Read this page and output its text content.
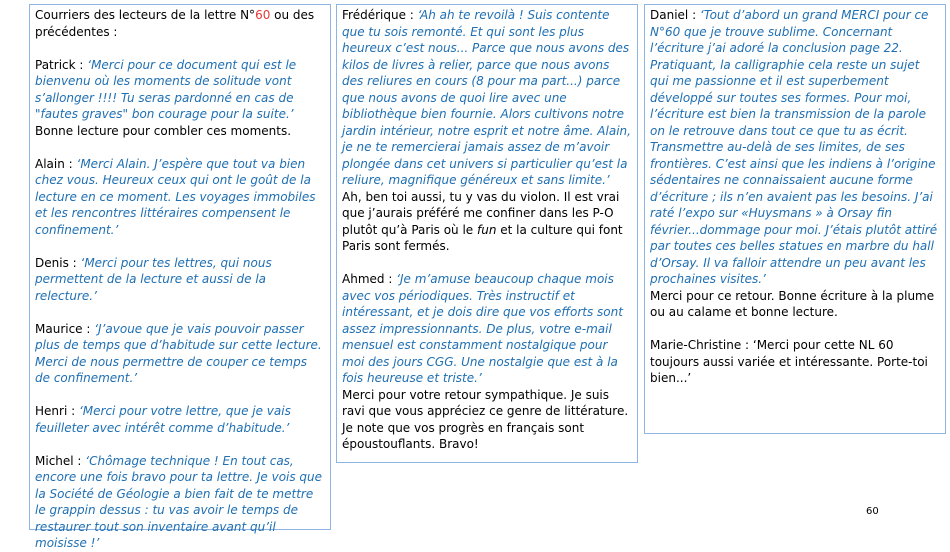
Courriers des lecteurs de la lettre N°60 ou des précédentes :

Patrick : ‘Merci pour ce document qui est le bienvenu où les moments de solitude vont s’allonger !!!! Tu seras pardonné en cas de "fautes graves" bon courage pour la suite.’

Bonne lecture pour combler ces moments.

Alain : ‘Merci Alain. J’espère que tout va bien chez vous. Heureux ceux qui ont le goût de la lecture en ce moment. Les voyages immobiles et les rencontres littéraires compensent le confinement.’

Denis : ‘Merci pour tes lettres, qui nous permettent de la lecture et aussi de la relecture.’

Maurice : ‘J’avoue que je vais pouvoir passer plus de temps que d’habitude sur cette lecture. Merci de nous permettre de couper ce temps de confinement.’

Henri : ‘Merci pour votre lettre, que je vais feuilleter avec intérêt comme d’habitude.’

Michel : ‘Chômage technique ! En tout cas, encore une fois bravo pour ta lettre. Je vois que la Société de Géologie a bien fait de te mettre le grappin dessus : tu vas avoir le temps de restaurer tout son inventaire avant qu’il moisisse !’

Frédérique : ‘Ah ah te revoilà ! Suis contente que tu sois remonté. Et qui sont les plus heureux c’est nous... Parce que nous avons des kilos de livres à relier, parce que nous avons des reliures en cours (8 pour ma part...) parce que nous avons de quoi lire avec une bibliothèque bien fournie. Alors cultivons notre jardin intérieur, notre esprit et notre âme. Alain, je ne te remercierai jamais assez de m’avoir plongée dans cet univers si particulier qu’est la reliure, magnifique généreux et sans limite.’

Ah, ben toi aussi, tu y vas du violon. Il est vrai que j’aurais préféré me confiner dans les P-O plutôt qu’à Paris où le fun et la culture qui font Paris sont fermés.

Ahmed : ‘Je m’amuse beaucoup chaque mois avec vos périodiques. Très instructif et intéressant, et je dois dire que vos efforts sont assez impressionnants. De plus, votre e-mail mensuel est constamment nostalgique pour moi des jours CGG. Une nostalgie que est à la fois heureuse et triste.’

Merci pour votre retour sympathique. Je suis ravi que vous appréciez ce genre de littérature. Je note que vos progrès en français sont époustouflants. Bravo!

Daniel : ‘Tout d’abord un grand MERCI pour ce N°60 que je trouve sublime. Concernant l’écriture j’ai adoré la conclusion page 22. Pratiquant, la calligraphie cela reste un sujet qui me passionne et il est superbement développé sur toutes ses formes. Pour moi, l’écriture est bien la transmission de la parole on le retrouve dans tout ce que tu as écrit. Transmettre au-delà de ses limites, de ses frontières. C’est ainsi que les indiens à l’origine sédentaires ne connaissaient aucune forme d’écriture ; ils n’en avaient pas les besoins. J’ai raté l’expo sur «Huysmans » à Orsay fin février...dommage pour moi. J’étais plutôt attiré par toutes ces belles statues en marbre du hall d’Orsay. Il va falloir attendre un peu avant les prochaines visites.’

Merci pour ce retour. Bonne écriture à la plume ou au calame et bonne lecture.

Marie-Christine : ‘Merci pour cette NL 60 toujours aussi variée et intéressante. Porte-toi bien...’

60
